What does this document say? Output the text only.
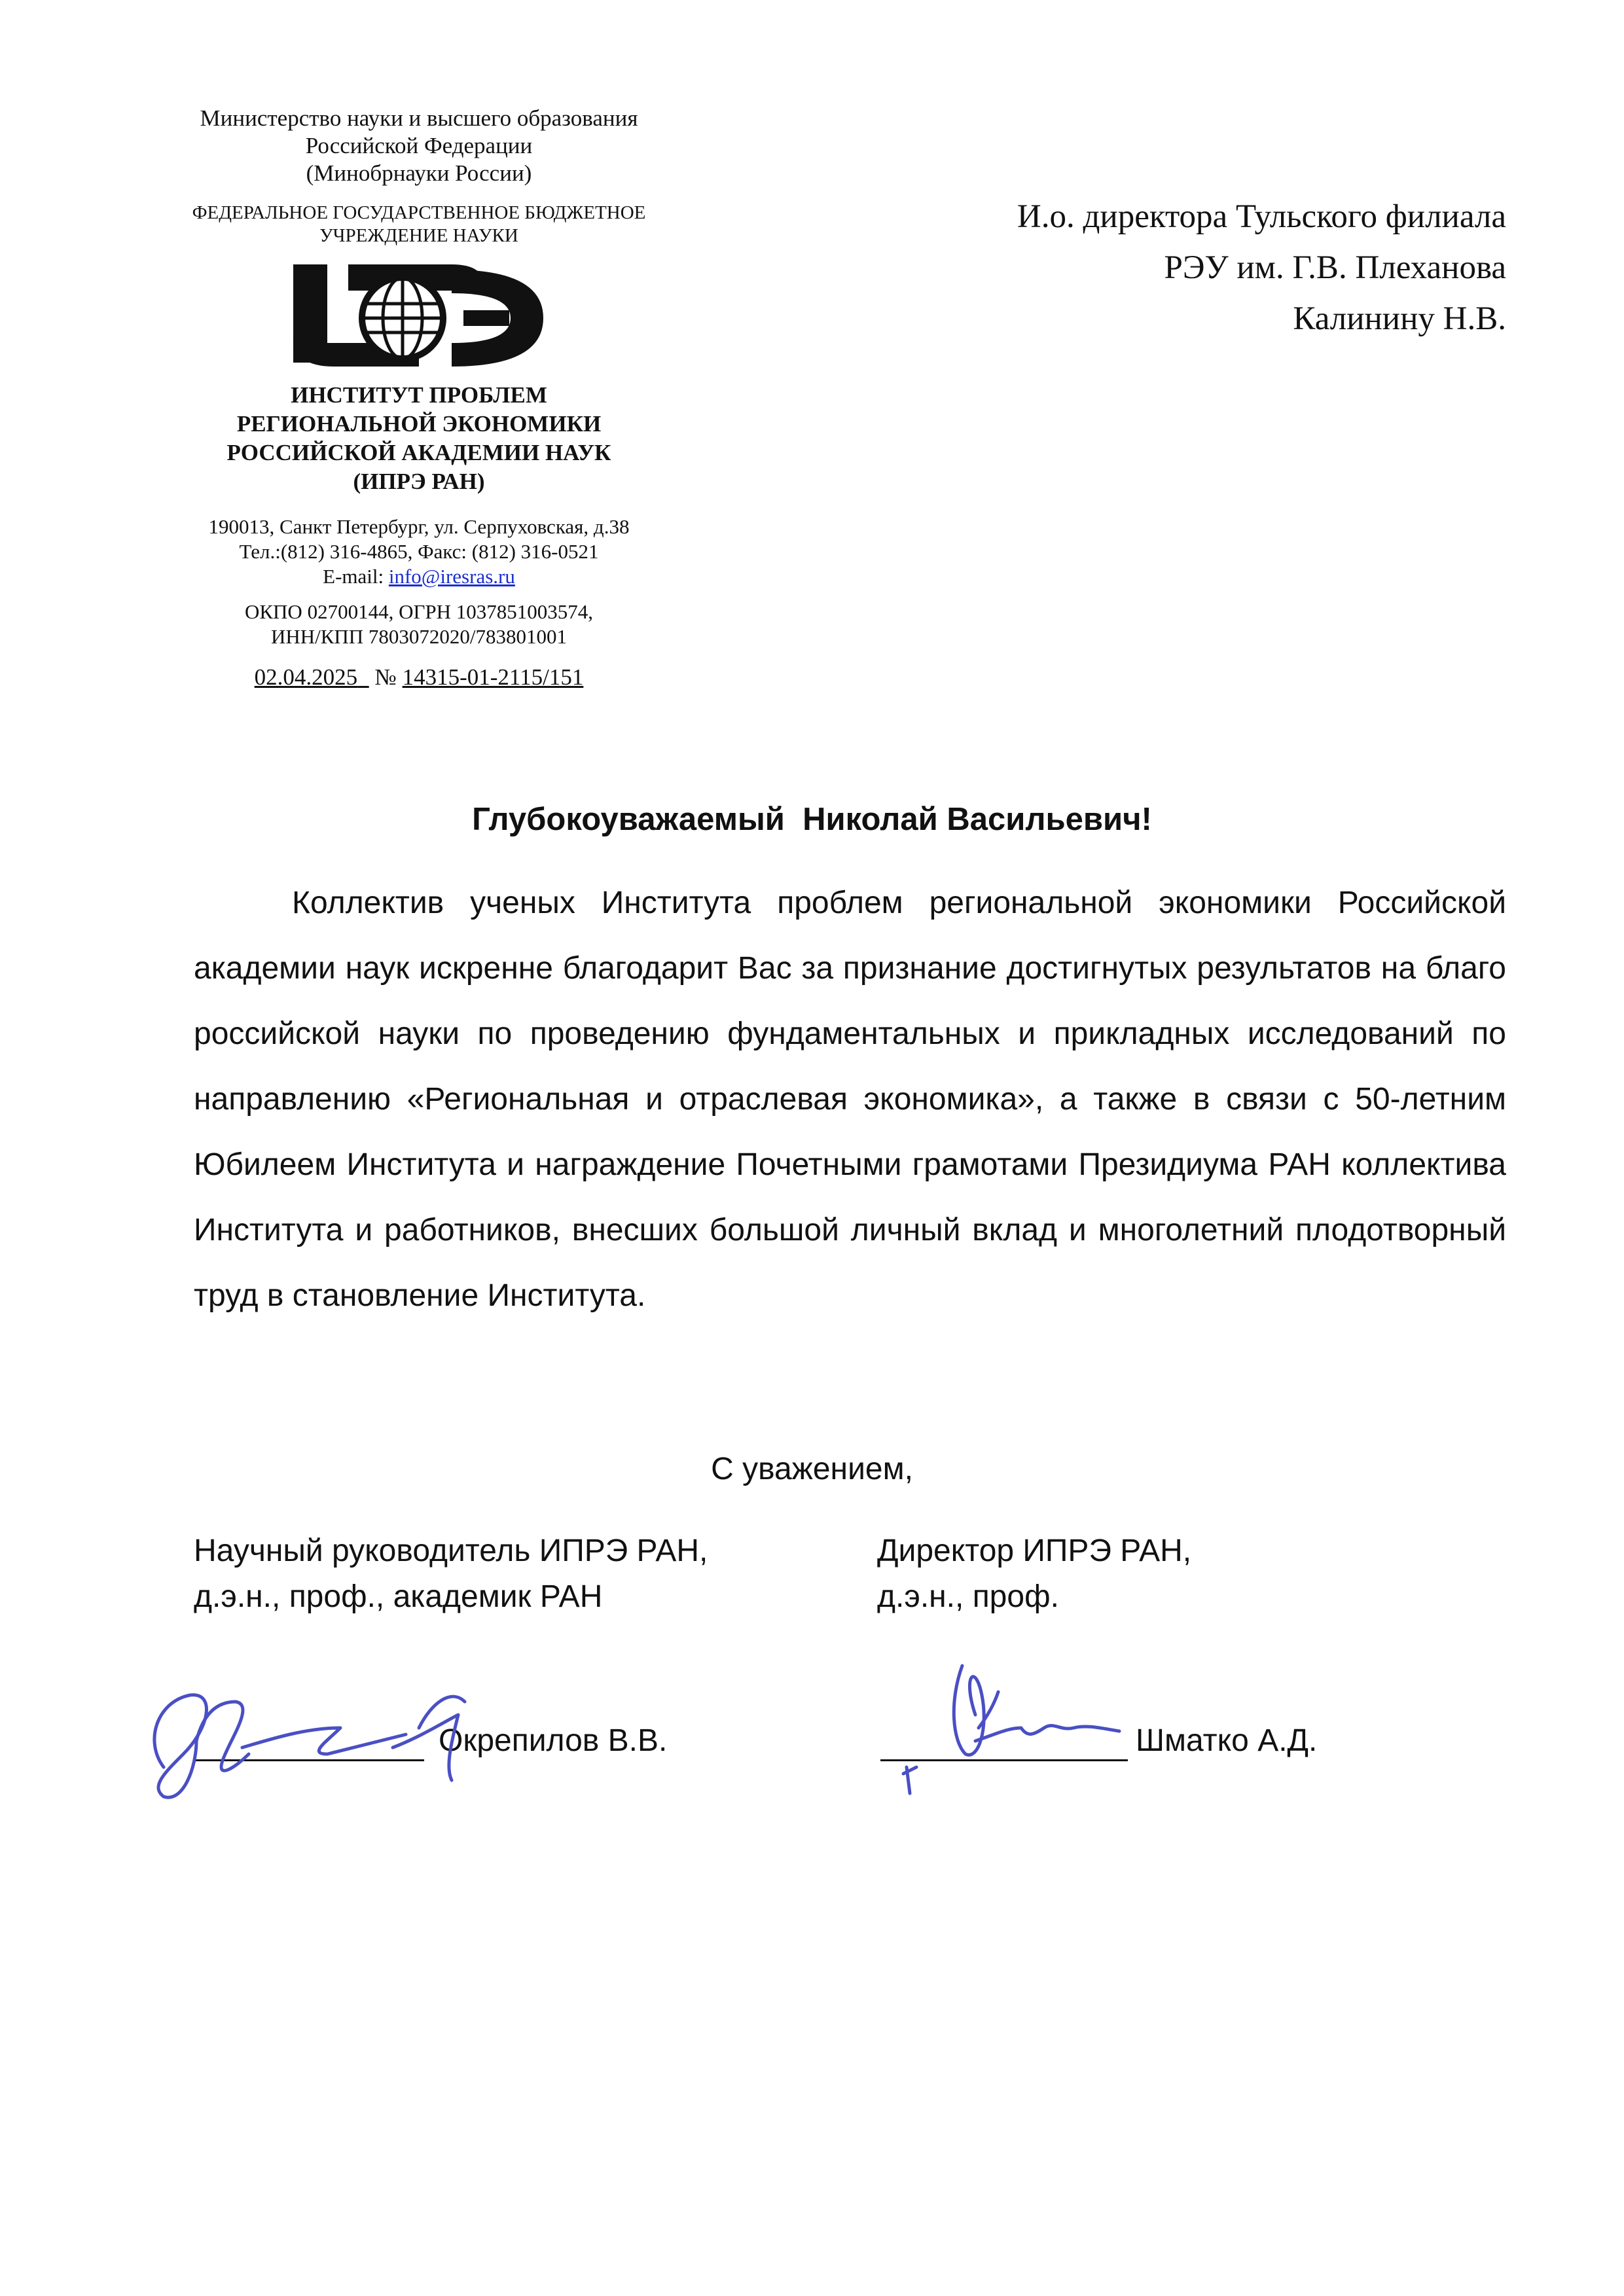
Министерство науки и высшего образования
Российской Федерации
(Минобрнауки России)
ФЕДЕРАЛЬНОЕ ГОСУДАРСТВЕННОЕ БЮДЖЕТНОЕ
УЧРЕЖДЕНИЕ НАУКИ
ИНСТИТУТ ПРОБЛЕМ
РЕГИОНАЛЬНОЙ ЭКОНОМИКИ
РОССИЙСКОЙ АКАДЕМИИ НАУК
(ИПРЭ РАН)
190013, Санкт Петербург, ул. Серпуховская, д.38
Тел.:(812) 316-4865, Факс: (812) 316-0521
E-mail: info@iresras.ru
ОКПО 02700144, ОГРН 1037851003574,
ИНН/КПП 7803072020/783801001
02.04.2025 № 14315-01-2115/151
И.о. директора Тульского филиала
РЭУ им. Г.В. Плеханова
Калинину Н.В.
Глубокоуважаемый  Николай Васильевич!
Коллектив ученых Института проблем региональной экономики Российской академии наук искренне благодарит Вас за признание достигнутых результатов на благо российской науки по проведению фундаментальных и прикладных исследований по направлению «Региональная и отраслевая экономика», а также в связи с 50-летним Юбилеем Института и награждение Почетными грамотами Президиума РАН коллектива Института и работников, внесших большой личный вклад и многолетний плодотворный труд в становление Института.
С уважением,
Научный руководитель ИПРЭ РАН,
д.э.н., проф., академик РАН
Директор ИПРЭ РАН,
д.э.н., проф.
Окрепилов В.В.	Шматко А.Д.
